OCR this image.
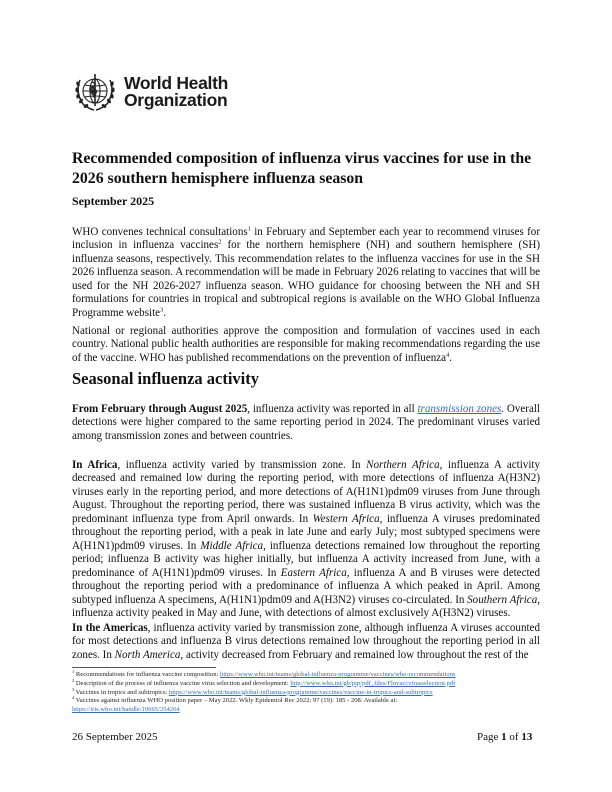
World Health
Organization
Recommended composition of influenza virus vaccines for use in the 2026 southern hemisphere influenza season
September 2025

WHO convenes technical consultations$^1$ in February and September each year to recommend viruses for inclusion in influenza vaccines$^2$ for the northern hemisphere (NH) and southern hemisphere (SH) influenza seasons, respectively. This recommendation relates to the influenza vaccines for use in the SH 2026 influenza season. A recommendation will be made in February 2026 relating to vaccines that will be used for the NH 2026-2027 influenza season. WHO guidance for choosing between the NH and SH formulations for countries in tropical and subtropical regions is available on the WHO Global Influenza Programme website$^3$.

National or regional authorities approve the composition and formulation of vaccines used in each country. National public health authorities are responsible for making recommendations regarding the use of the vaccine. WHO has published recommendations on the prevention of influenza$^4$.

Seasonal influenza activity

From February through August 2025, influenza activity was reported in all transmission zones. Overall detections were higher compared to the same reporting period in 2024. The predominant viruses varied among transmission zones and between countries.

In Africa, influenza activity varied by transmission zone. In Northern Africa, influenza A activity decreased and remained low during the reporting period, with more detections of influenza A(H3N2) viruses early in the reporting period, and more detections of A(H1N1)pdm09 viruses from June through August. Throughout the reporting period, there was sustained influenza B virus activity, which was the predominant influenza type from April onwards. In Western Africa, influenza A viruses predominated throughout the reporting period, with a peak in late June and early July; most subtyped specimens were A(H1N1)pdm09 viruses. In Middle Africa, influenza detections remained low throughout the reporting period; influenza B activity was higher initially, but influenza A activity increased from June, with a predominance of A(H1N1)pdm09 viruses. In Eastern Africa, influenza A and B viruses were detected throughout the reporting period with a predominance of influenza A which peaked in April. Among subtyped influenza A specimens, A(H1N1)pdm09 and A(H3N2) viruses co-circulated. In Southern Africa, influenza activity peaked in May and June, with detections of almost exclusively A(H3N2) viruses.

In the Americas, influenza activity varied by transmission zone, although influenza A viruses accounted for most detections and influenza B virus detections remained low throughout the reporting period in all zones. In North America, activity decreased from February and remained low throughout the rest of the

$^1$ Recommendations for influenza vaccine composition: https://www.who.int/teams/global-influenza-programme/vaccines/who-recommendations
$^2$ Description of the process of influenza vaccine virus selection and development: http://www.who.int/gb/pip/pdf_files/Fluvaccvirusselection.pdf
$^3$ Vaccines in tropics and subtropics: https://www.who.int/teams/global-influenza-programme/vaccines/vaccine-in-tropics-and-subtropics
$^4$ Vaccines against influenza WHO position paper – May 2022. Wkly Epidemiol Rec 2022; 97 (19): 185 - 208. Available at:
https://iris.who.int/handle/10665/354264
26 September 2025	Page 1 of 13
